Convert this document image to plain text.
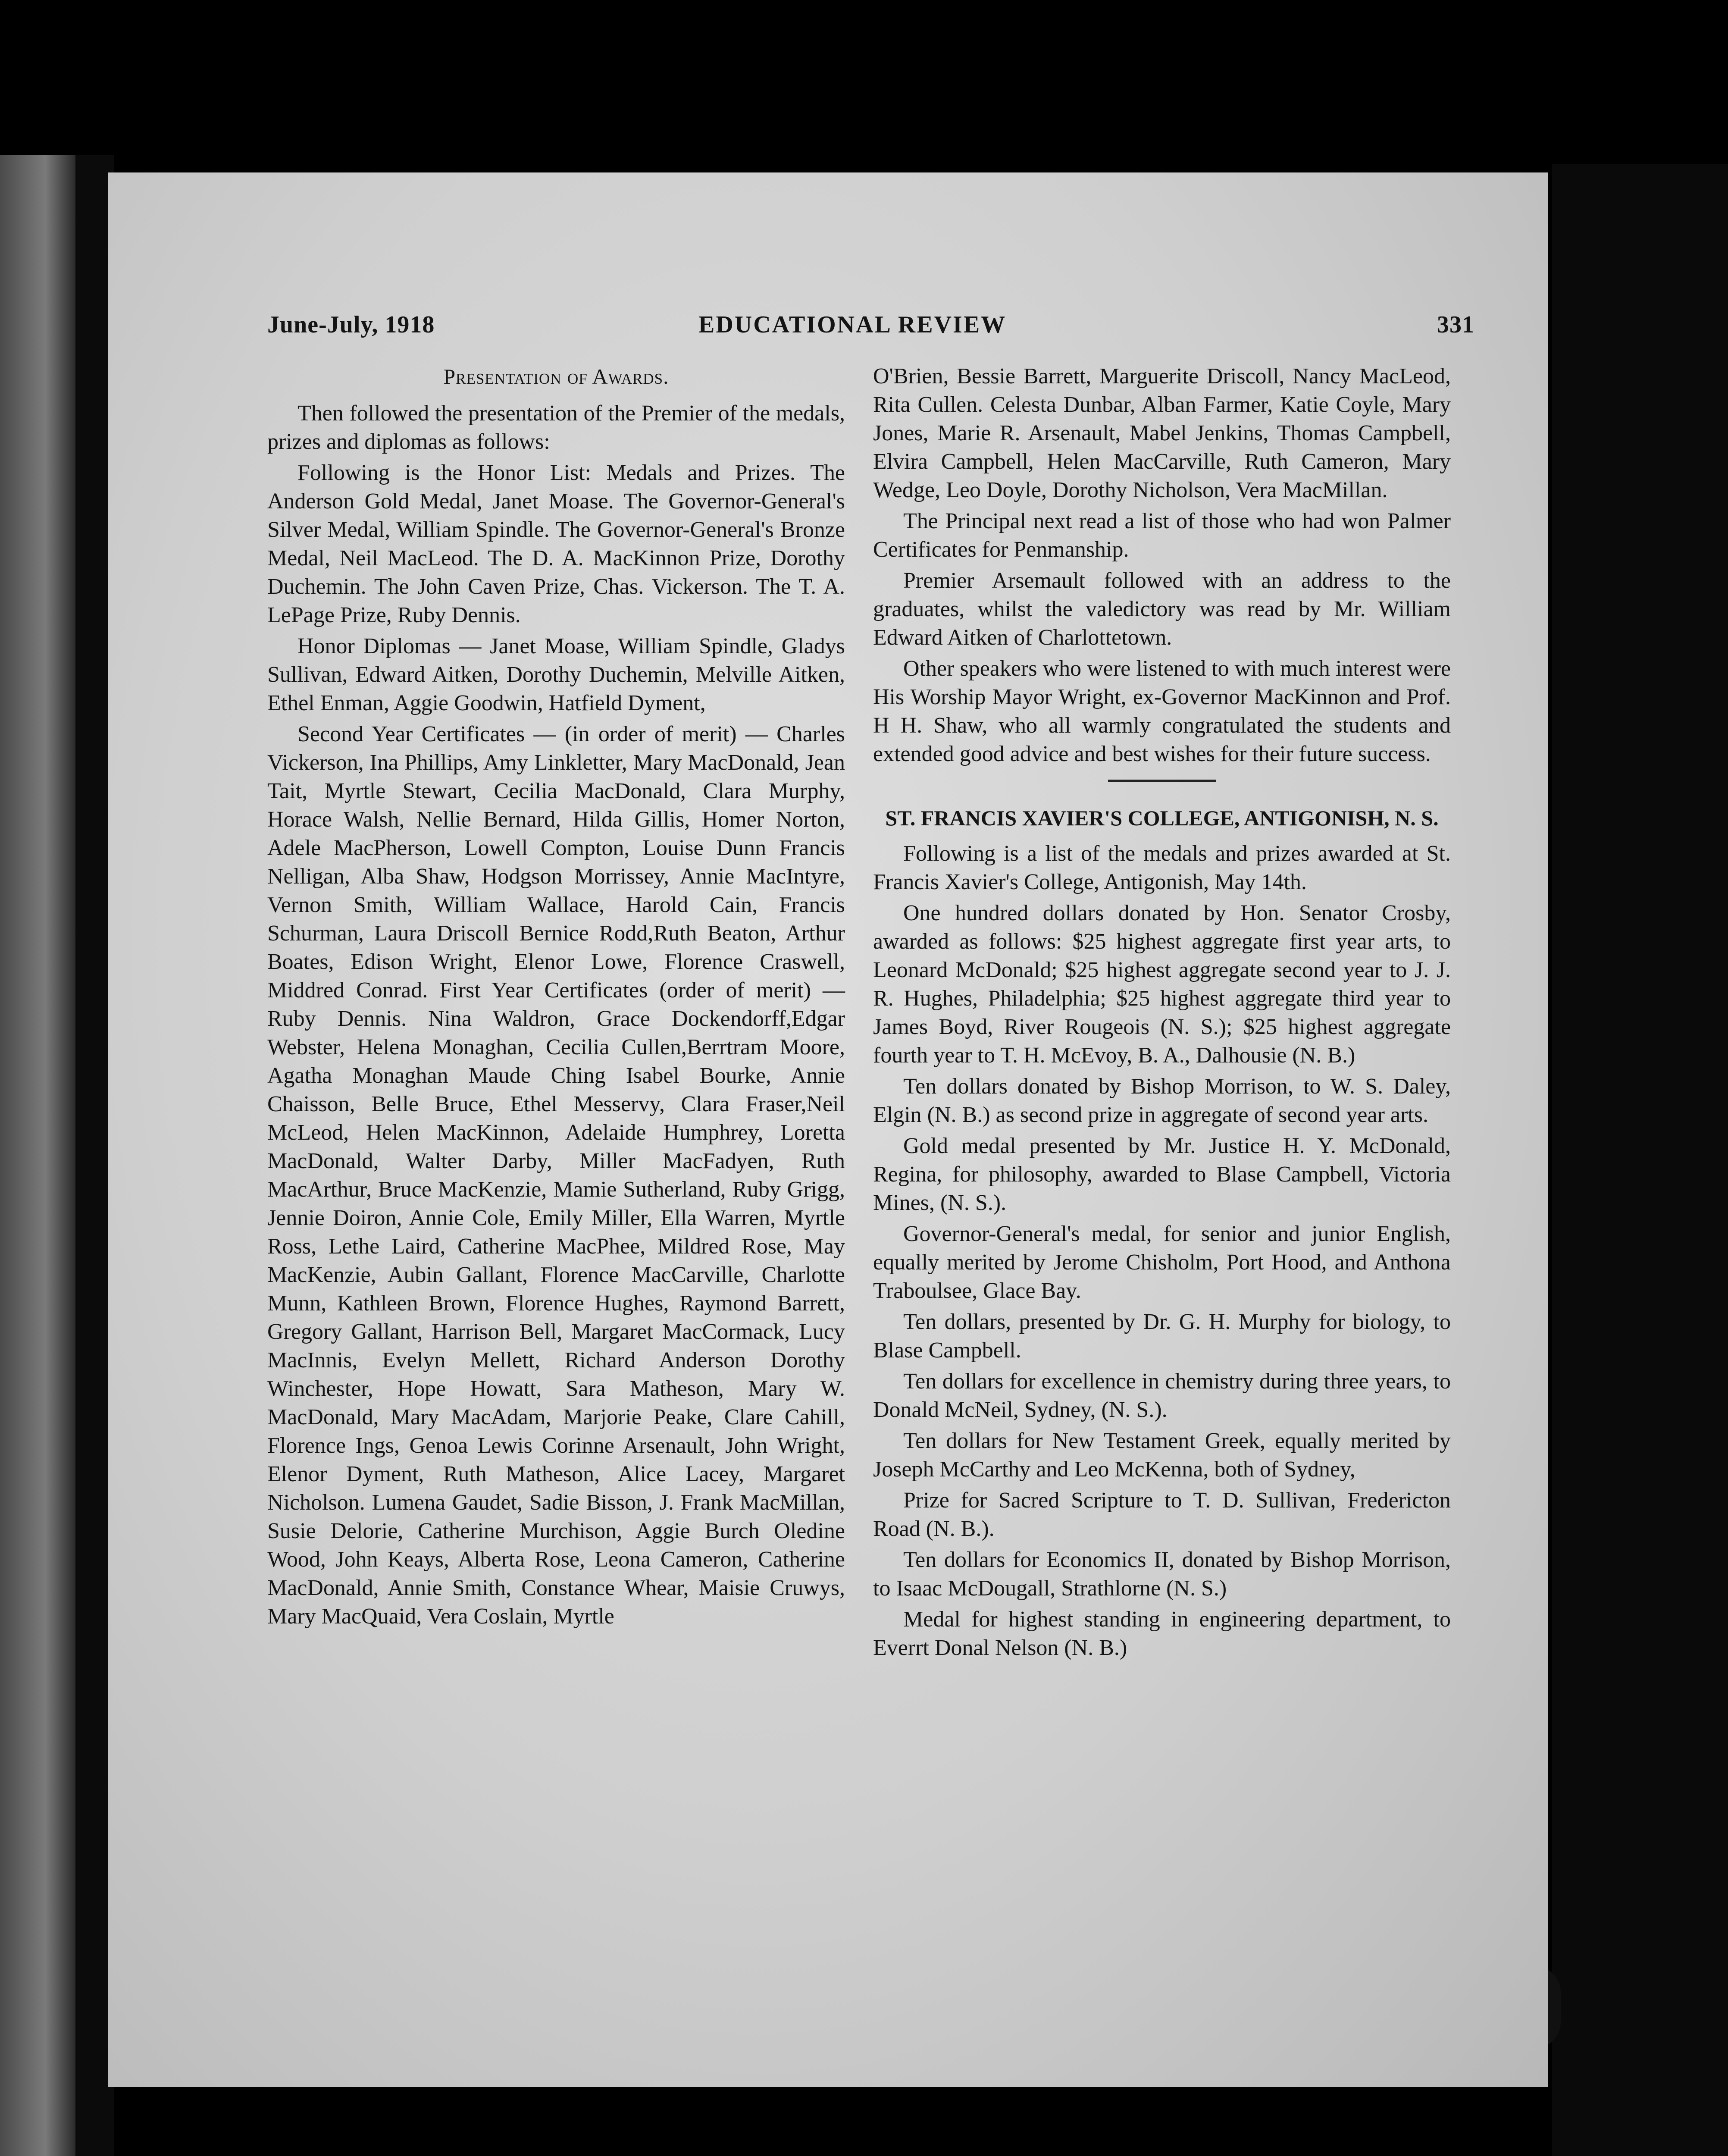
June-July, 1918	EDUCATIONAL REVIEW	331
Presentation of Awards.

Then followed the presentation of the Premier of the medals, prizes and diplomas as follows:

Following is the Honor List: Medals and Prizes. The Anderson Gold Medal, Janet Moase. The Governor-General's Silver Medal, William Spindle. The Governor-General's Bronze Medal, Neil MacLeod. The D. A. MacKinnon Prize, Dorothy Duchemin. The John Caven Prize, Chas. Vickerson. The T. A. LePage Prize, Ruby Dennis.

Honor Diplomas — Janet Moase, William Spindle, Gladys Sullivan, Edward Aitken, Dorothy Duchemin, Melville Aitken, Ethel Enman, Aggie Goodwin, Hatfield Dyment,

Second Year Certificates — (in order of merit) — Charles Vickerson, Ina Phillips, Amy Linkletter, Mary MacDonald, Jean Tait, Myrtle Stewart, Cecilia MacDonald, Clara Murphy, Horace Walsh, Nellie Bernard, Hilda Gillis, Homer Norton, Adele MacPherson, Lowell Compton, Louise Dunn Francis Nelligan, Alba Shaw, Hodgson Morrissey, Annie MacIntyre, Vernon Smith, William Wallace, Harold Cain, Francis Schurman, Laura Driscoll Bernice Rodd,Ruth Beaton, Arthur Boates, Edison Wright, Elenor Lowe, Florence Craswell, Middred Conrad. First Year Certificates (order of merit) — Ruby Dennis. Nina Waldron, Grace Dockendorff,Edgar Webster, Helena Monaghan, Cecilia Cullen,Berrtram Moore, Agatha Monaghan Maude Ching Isabel Bourke, Annie Chaisson, Belle Bruce, Ethel Messervy, Clara Fraser,Neil McLeod, Helen MacKinnon, Adelaide Humphrey, Loretta MacDonald, Walter Darby, Miller MacFadyen, Ruth MacArthur, Bruce MacKenzie, Mamie Sutherland, Ruby Grigg, Jennie Doiron, Annie Cole, Emily Miller, Ella Warren, Myrtle Ross, Lethe Laird, Catherine MacPhee, Mildred Rose, May MacKenzie, Aubin Gallant, Florence MacCarville, Charlotte Munn, Kathleen Brown, Florence Hughes, Raymond Barrett, Gregory Gallant, Harrison Bell, Margaret MacCormack, Lucy MacInnis, Evelyn Mellett, Richard Anderson Dorothy Winchester, Hope Howatt, Sara Matheson, Mary W. MacDonald, Mary MacAdam, Marjorie Peake, Clare Cahill, Florence Ings, Genoa Lewis Corinne Arsenault, John Wright, Elenor Dyment, Ruth Matheson, Alice Lacey, Margaret Nicholson. Lumena Gaudet, Sadie Bisson, J. Frank MacMillan, Susie Delorie, Catherine Murchison, Aggie Burch Oledine Wood, John Keays, Alberta Rose, Leona Cameron, Catherine MacDonald, Annie Smith, Constance Whear, Maisie Cruwys, Mary MacQuaid, Vera Coslain, Myrtle

O'Brien, Bessie Barrett, Marguerite Driscoll, Nancy MacLeod, Rita Cullen. Celesta Dunbar, Alban Farmer, Katie Coyle, Mary Jones, Marie R. Arsenault, Mabel Jenkins, Thomas Campbell, Elvira Campbell, Helen MacCarville, Ruth Cameron, Mary Wedge, Leo Doyle, Dorothy Nicholson, Vera MacMillan.

The Principal next read a list of those who had won Palmer Certificates for Penmanship.

Premier Arsemault followed with an address to the graduates, whilst the valedictory was read by Mr. William Edward Aitken of Charlottetown.

Other speakers who were listened to with much interest were His Worship Mayor Wright, ex-Governor MacKinnon and Prof. H H. Shaw, who all warmly congratulated the students and extended good advice and best wishes for their future success.

ST. FRANCIS XAVIER'S COLLEGE, ANTIGONISH, N. S.

Following is a list of the medals and prizes awarded at St. Francis Xavier's College, Antigonish, May 14th.

One hundred dollars donated by Hon. Senator Crosby, awarded as follows: $25 highest aggregate first year arts, to Leonard McDonald; $25 highest aggregate second year to J. J. R. Hughes, Philadelphia; $25 highest aggregate third year to James Boyd, River Rougeois (N. S.); $25 highest aggregate fourth year to T. H. McEvoy, B. A., Dalhousie (N. B.)

Ten dollars donated by Bishop Morrison, to W. S. Daley, Elgin (N. B.) as second prize in aggregate of second year arts.

Gold medal presented by Mr. Justice H. Y. McDonald, Regina, for philosophy, awarded to Blase Campbell, Victoria Mines, (N. S.).

Governor-General's medal, for senior and junior English, equally merited by Jerome Chisholm, Port Hood, and Anthona Traboulsee, Glace Bay.

Ten dollars, presented by Dr. G. H. Murphy for biology, to Blase Campbell.

Ten dollars for excellence in chemistry during three years, to Donald McNeil, Sydney, (N. S.).

Ten dollars for New Testament Greek, equally merited by Joseph McCarthy and Leo McKenna, both of Sydney,

Prize for Sacred Scripture to T. D. Sullivan, Fredericton Road (N. B.).

Ten dollars for Economics II, donated by Bishop Morrison, to Isaac McDougall, Strathlorne (N. S.)

Medal for highest standing in engineering department, to Everrt Donal Nelson (N. B.)
